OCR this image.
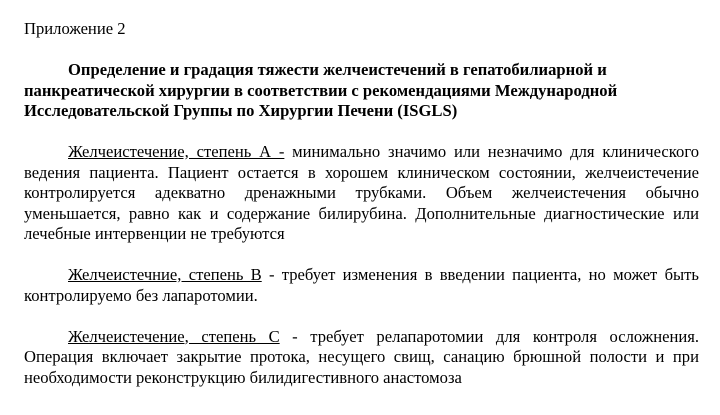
Приложение 2

Определение и градация тяжести желчеистечений в гепатобилиарной и панкреатической хирургии в соответствии с рекомендациями Международной Исследовательской Группы по Хирургии Печени (ISGLS)

Желчеистечение, степень А - минимально значимо или незначимо для клинического ведения пациента. Пациент остается в хорошем клиническом состоянии, желчеистечение контролируется адекватно дренажными трубками. Объем желчеистечения обычно уменьшается, равно как и содержание билирубина. Дополнительные диагностические или лечебные интервенции не требуются

Желчеистечние, степень В - требует изменения в введении пациента, но может быть контролируемо без лапаротомии.

Желчеистечение, степень С - требует релапаротомии для контроля осложнения. Операция включает закрытие протока, несущего свищ, санацию брюшной полости и при необходимости реконструкцию билидигестивного анастомоза
